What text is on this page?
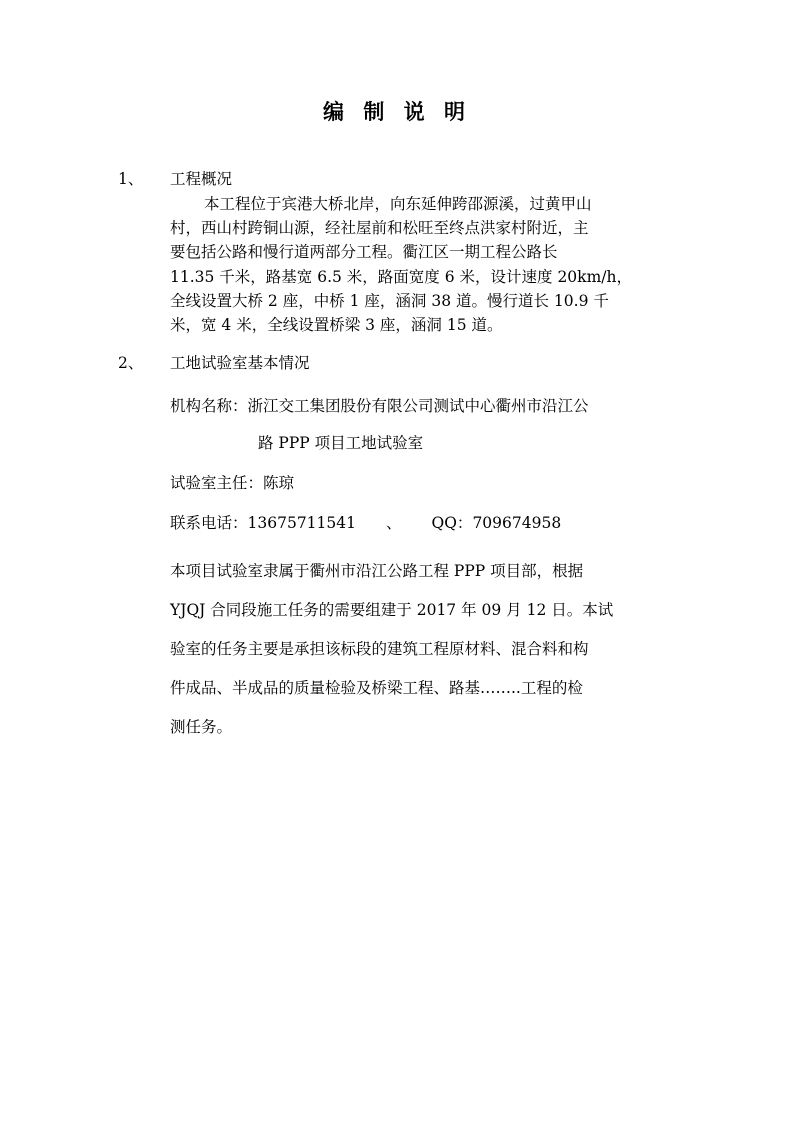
编 制 说 明
1、 工程概况
本工程位于宾港大桥北岸，向东延伸跨邵源溪，过黄甲山
村，西山村跨铜山源，经社屋前和松旺至终点洪家村附近，主
要包括公路和慢行道两部分工程。衢江区一期工程公路长
11.35 千米，路基宽 6.5 米，路面宽度 6 米，设计速度 20km/h，
全线设置大桥 2 座，中桥 1 座，涵洞 38 道。慢行道长 10.9 千
米，宽 4 米，全线设置桥梁 3 座，涵洞 15 道。
2、 工地试验室基本情况
机构名称：浙江交工集团股份有限公司测试中心衢州市沿江公
路 PPP 项目工地试验室
试验室主任：陈琼
联系电话：13675711541 、 QQ：709674958
本项目试验室隶属于衢州市沿江公路工程 PPP 项目部，根据
YJQJ 合同段施工任务的需要组建于 2017 年 09 月 12 日。本试
验室的任务主要是承担该标段的建筑工程原材料、混合料和构
件成品、半成品的质量检验及桥梁工程、路基……..工程的检
测任务。
